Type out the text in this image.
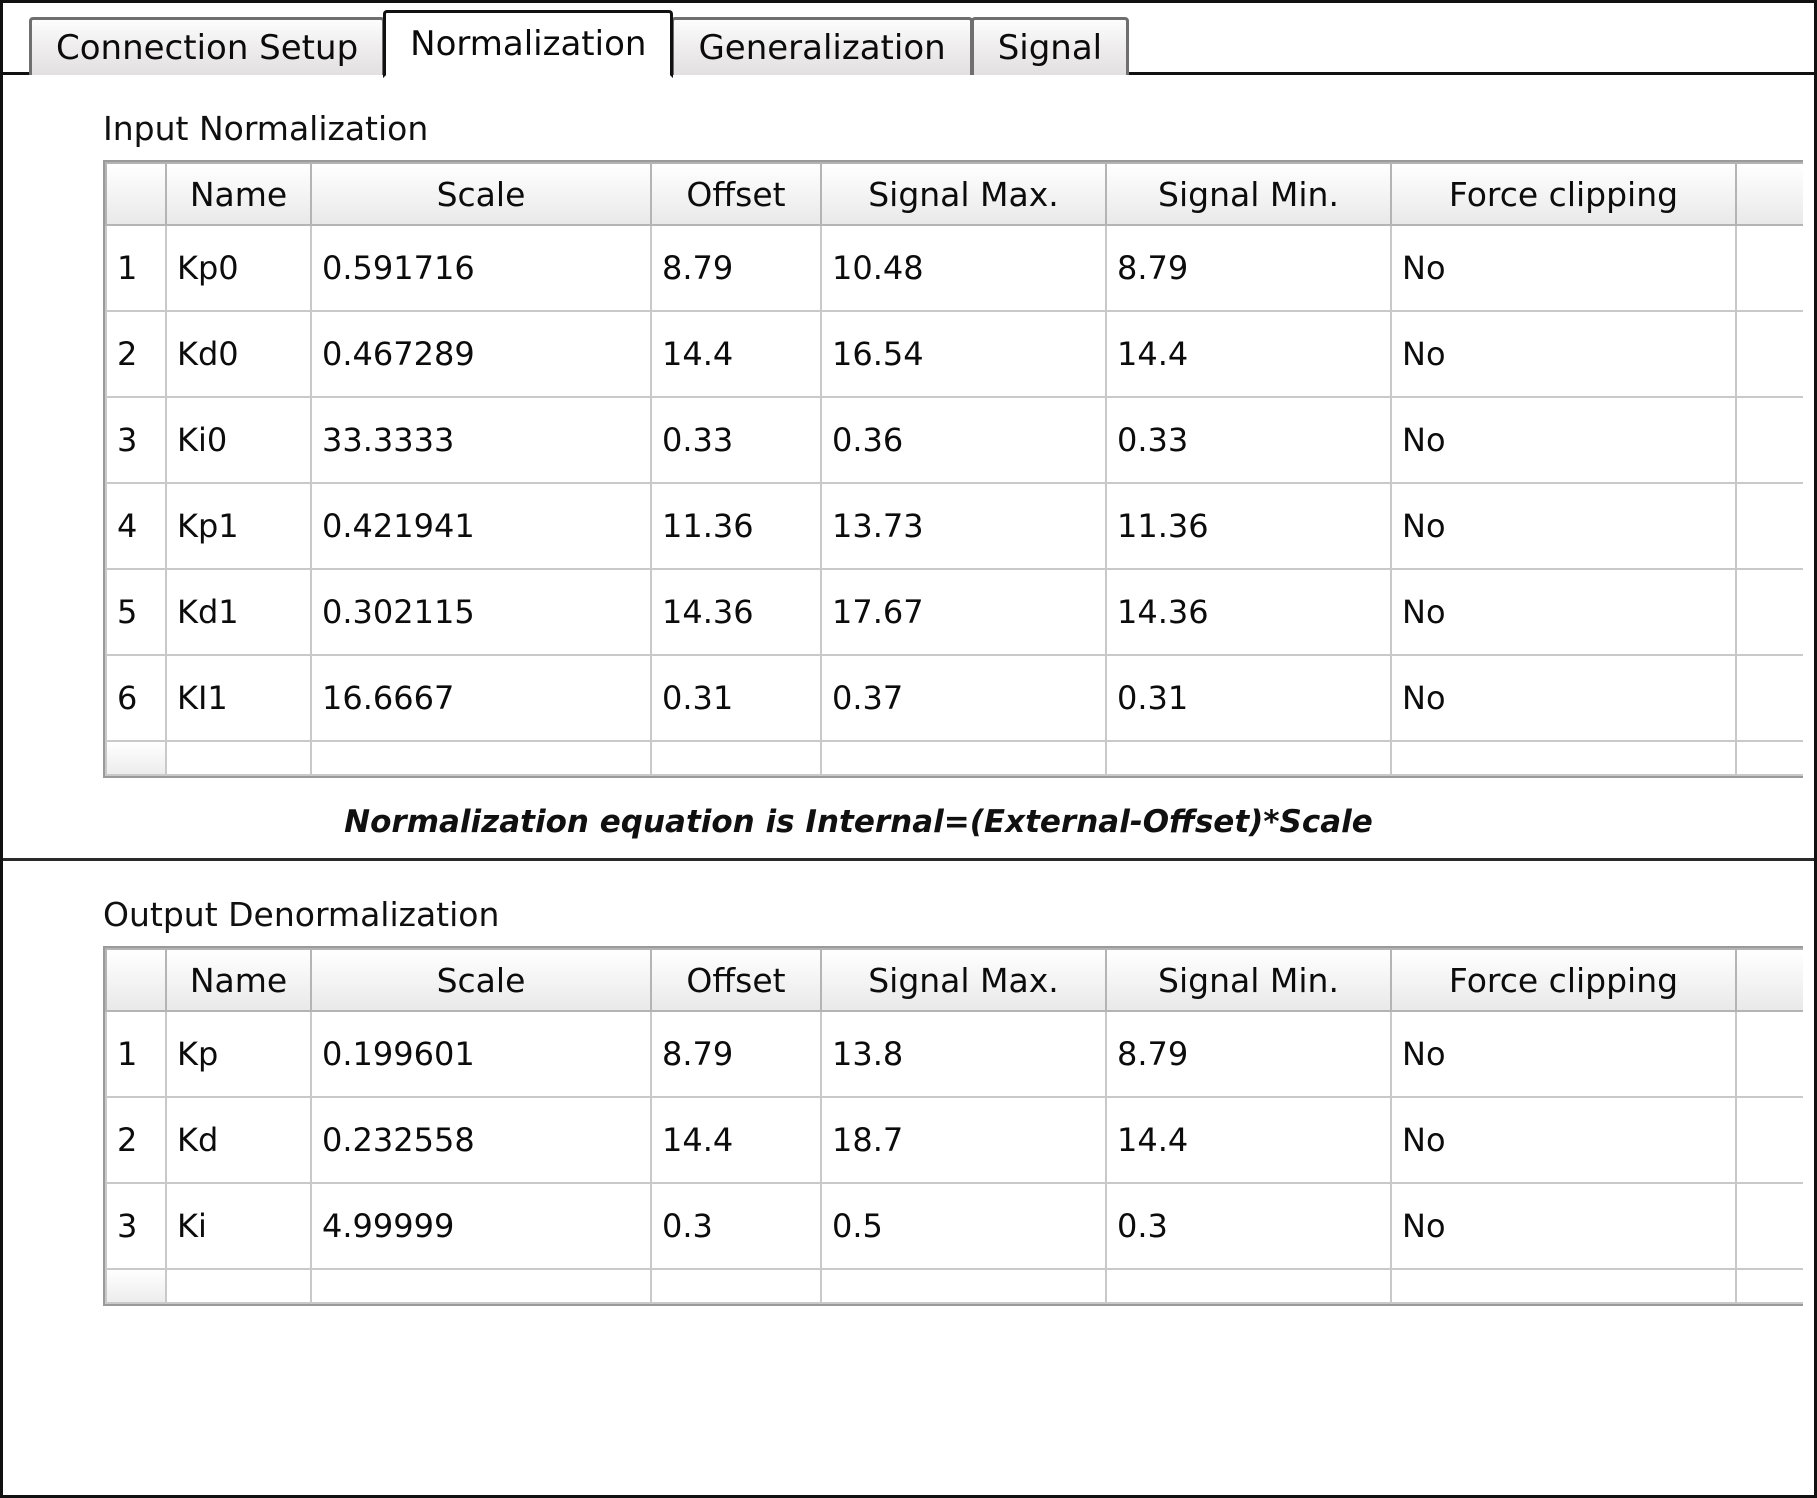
Connection Setup	Normalization	Generalization	Signal
Input Normalization
	Name	Scale	Offset	Signal Max.	Signal Min.	Force clipping	
1	Kp0	0.591716	8.79	10.48	8.79	No	
2	Kd0	0.467289	14.4	16.54	14.4	No	
3	Ki0	33.3333	0.33	0.36	0.33	No	
4	Kp1	0.421941	11.36	13.73	11.36	No	
5	Kd1	0.302115	14.36	17.67	14.36	No	
6	KI1	16.6667	0.31	0.37	0.31	No	

Normalization equation is Internal=(External-Offset)*Scale
Output Denormalization
	Name	Scale	Offset	Signal Max.	Signal Min.	Force clipping	
1	Kp	0.199601	8.79	13.8	8.79	No	
2	Kd	0.232558	14.4	18.7	14.4	No	
3	Ki	4.99999	0.3	0.5	0.3	No	
